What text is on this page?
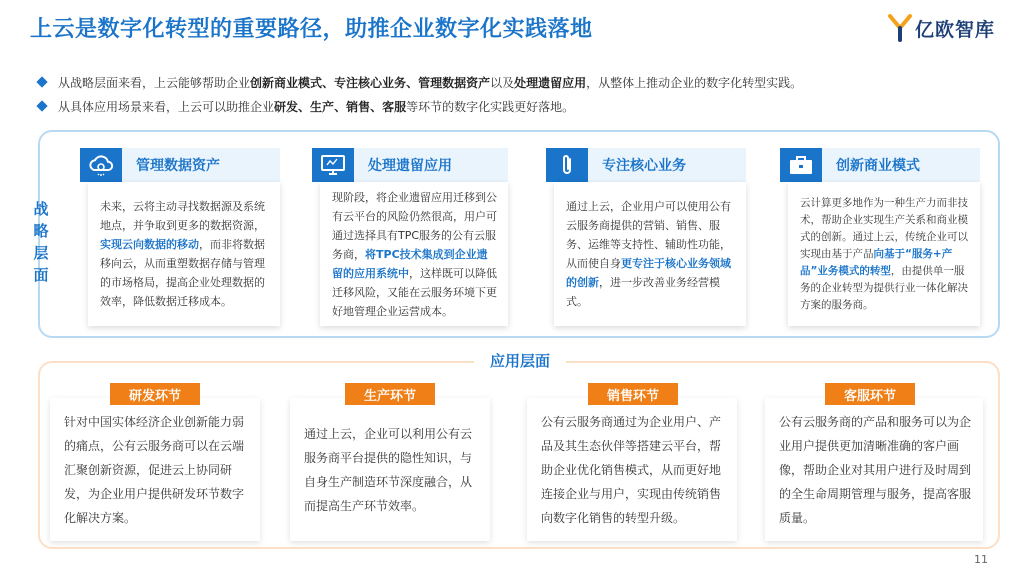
上云是数字化转型的重要路径，助推企业数字化实践落地	亿欧智库
从战略层面来看，上云能够帮助企业创新商业模式、专注核心业务、管理数据资产以及处理遗留应用，从整体上推动企业的数字化转型实践。
从具体应用场景来看，上云可以助推企业研发、生产、销售、客服等环节的数字化实践更好落地。
战
略
层
面
管理数据资产
未来，云将主动寻找数据源及系统地点，并争取到更多的数据资源，实现云向数据的移动，而非将数据移向云，从而重塑数据存储与管理的市场格局，提高企业处理数据的效率，降低数据迁移成本。
处理遗留应用
现阶段，将企业遗留应用迁移到公有云平台的风险仍然很高，用户可通过选择具有TPC服务的公有云服务商，将TPC技术集成到企业遗留的应用系统中，这样既可以降低迁移风险，又能在云服务环境下更好地管理企业运营成本。
专注核心业务
通过上云，企业用户可以使用公有云服务商提供的营销、销售、服务、运维等支持性、辅助性功能，从而使自身更专注于核心业务领域的创新，进一步改善业务经营模式。
创新商业模式
云计算更多地作为一种生产力而非技术，帮助企业实现生产关系和商业模式的创新。通过上云，传统企业可以实现由基于产品向基于“服务+产品”业务模式的转型，由提供单一服务的企业转型为提供行业一体化解决方案的服务商。
应用层面
针对中国实体经济企业创新能力弱的痛点，公有云服务商可以在云端汇聚创新资源，促进云上协同研发，为企业用户提供研发环节数字化解决方案。
研发环节
通过上云，企业可以利用公有云服务商平台提供的隐性知识，与自身生产制造环节深度融合，从而提高生产环节效率。
生产环节
公有云服务商通过为企业用户、产品及其生态伙伴等搭建云平台，帮助企业优化销售模式，从而更好地连接企业与用户，实现由传统销售向数字化销售的转型升级。
销售环节
公有云服务商的产品和服务可以为企业用户提供更加清晰准确的客户画像，帮助企业对其用户进行及时周到的全生命周期管理与服务，提高客服质量。
客服环节
11
